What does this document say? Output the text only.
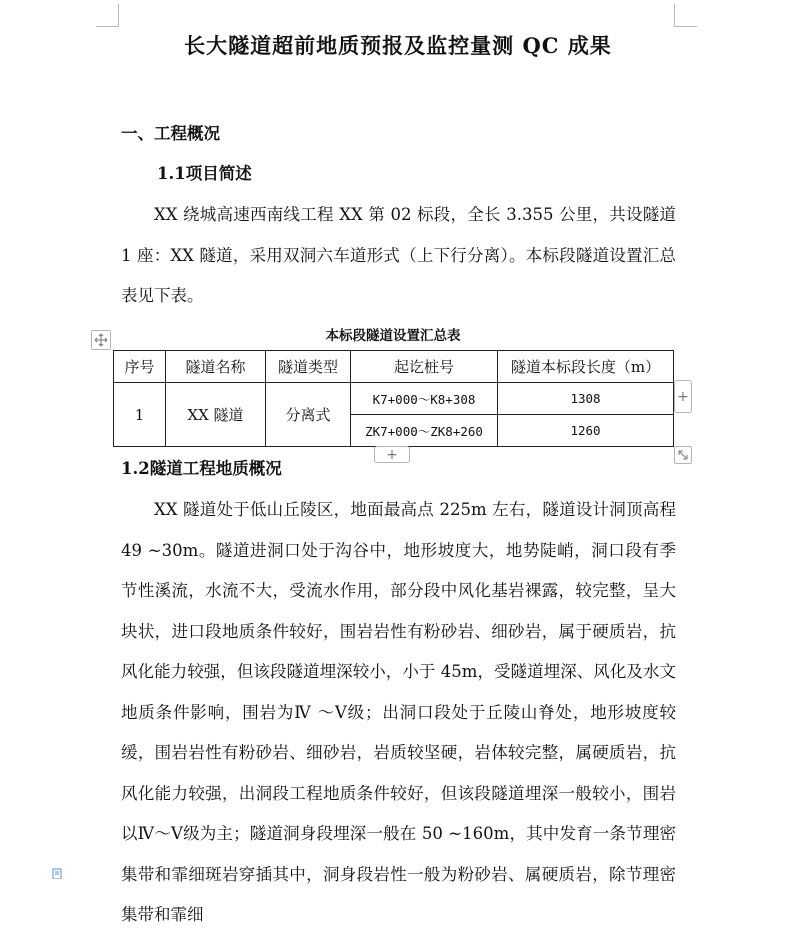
长大隧道超前地质预报及监控量测 QC 成果
一、工程概况
1.1项目简述

XX 绕城高速西南线工程 XX 第 02 标段，全长 3.355 公里，共设隧道 1 座：XX 隧道，采用双洞六车道形式（上下行分离）。本标段隧道设置汇总表见下表。

本标段隧道设置汇总表
序号	隧道名称	隧道类型	起讫桩号	隧道本标段长度（m）
1	XX 隧道	分离式	K7+000～K8+308	1308
			ZK7+000～ZK8+260	1260
+
+
1.2隧道工程地质概况

XX 隧道处于低山丘陵区，地面最高点 225m 左右，隧道设计洞顶高程 49 ~30m。隧道进洞口处于沟谷中，地形坡度大，地势陡峭，洞口段有季节性溪流，水流不大，受流水作用，部分段中风化基岩裸露，较完整，呈大块状，进口段地质条件较好，围岩岩性有粉砂岩、细砂岩，属于硬质岩，抗风化能力较强，但该段隧道埋深较小，小于 45m，受隧道埋深、风化及水文地质条件影响，围岩为Ⅳ ～Ⅴ级；出洞口段处于丘陵山脊处，地形坡度较缓，围岩岩性有粉砂岩、细砂岩，岩质较坚硬，岩体较完整，属硬质岩，抗风化能力较强，出洞段工程地质条件较好，但该段隧道埋深一般较小，围岩以Ⅳ～Ⅴ级为主；隧道洞身段埋深一般在 50 ~160m，其中发育一条节理密集带和霏细斑岩穿插其中，洞身段岩性一般为粉砂岩、属硬质岩，除节理密集带和霏细
